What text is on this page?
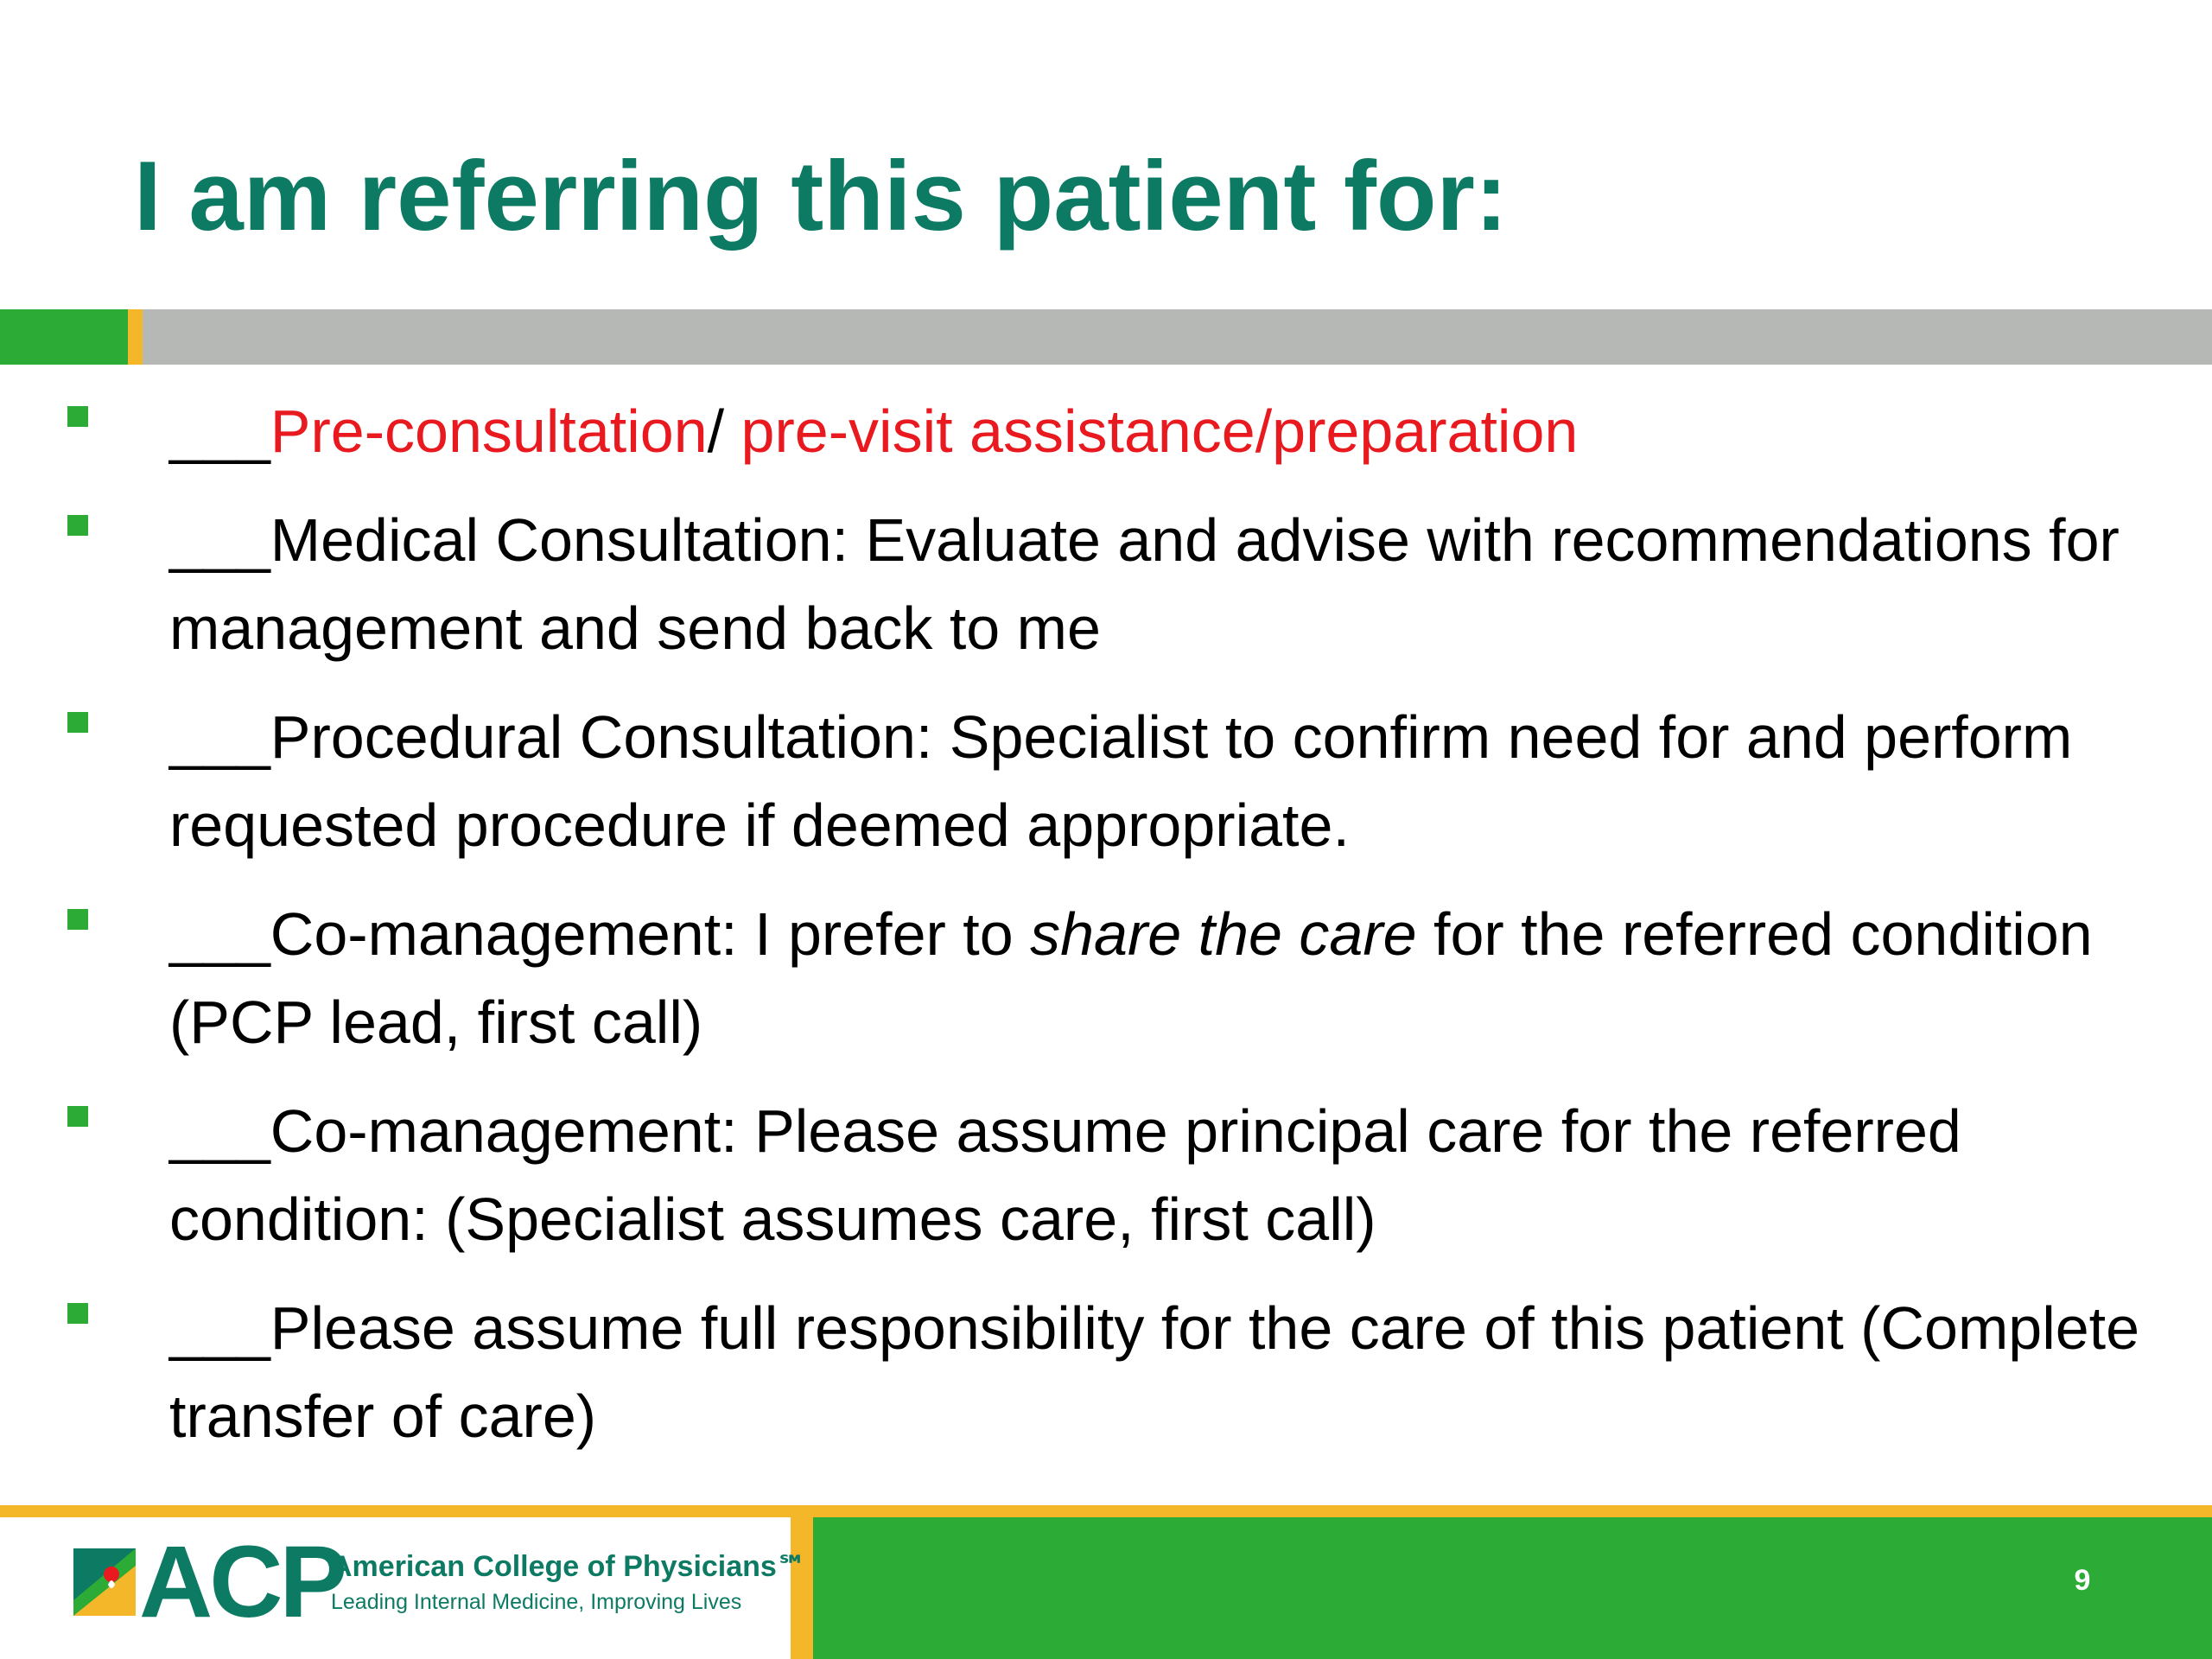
I am referring this patient for:
___Pre-consultation/ pre-visit assistance/preparation
___Medical Consultation: Evaluate and advise with recommendations for management and send back to me
___Procedural Consultation: Specialist to confirm need for and perform requested procedure if deemed appropriate.
___Co-management: I prefer to share the care for the referred condition (PCP lead, first call)
___Co-management: Please assume principal care for the referred condition: (Specialist assumes care, first call)
___Please assume full responsibility for the care of this patient (Complete transfer of care)
ACP
American College of Physicians℠
Leading Internal Medicine, Improving Lives
9
